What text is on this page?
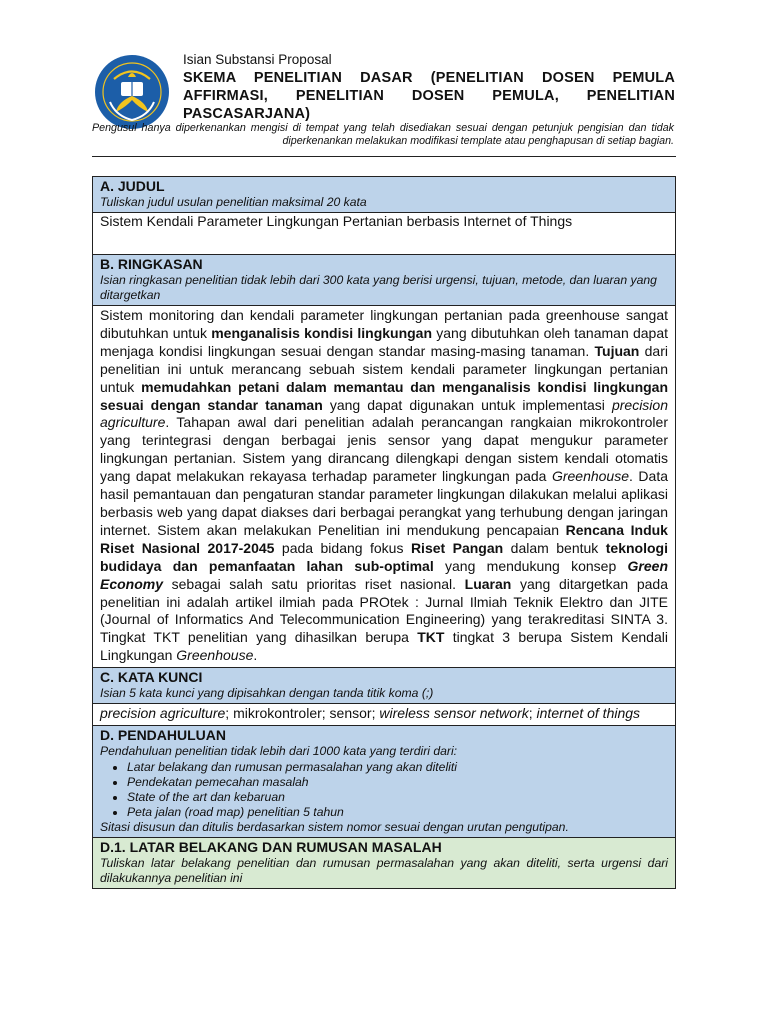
Isian Substansi Proposal
SKEMA PENELITIAN DASAR (PENELITIAN DOSEN PEMULA AFFIRMASI, PENELITIAN DOSEN PEMULA, PENELITIAN PASCASARJANA)
Pengusul hanya diperkenankan mengisi di tempat yang telah disediakan sesuai dengan petunjuk pengisian dan tidak diperkenankan melakukan modifikasi template atau penghapusan di setiap bagian.
A. JUDUL
Tuliskan judul usulan penelitian maksimal 20 kata
Sistem Kendali Parameter Lingkungan Pertanian berbasis Internet of Things
B. RINGKASAN
Isian ringkasan penelitian tidak lebih dari 300 kata yang berisi urgensi, tujuan, metode, dan luaran yang ditargetkan
Sistem monitoring dan kendali parameter lingkungan pertanian pada greenhouse sangat dibutuhkan untuk menganalisis kondisi lingkungan yang dibutuhkan oleh tanaman dapat menjaga kondisi lingkungan sesuai dengan standar masing-masing tanaman. Tujuan dari penelitian ini untuk merancang sebuah sistem kendali parameter lingkungan pertanian untuk memudahkan petani dalam memantau dan menganalisis kondisi lingkungan sesuai dengan standar tanaman yang dapat digunakan untuk implementasi precision agriculture. Tahapan awal dari penelitian adalah perancangan rangkaian mikrokontroler yang terintegrasi dengan berbagai jenis sensor yang dapat mengukur parameter lingkungan pertanian. Sistem yang dirancang dilengkapi dengan sistem kendali otomatis yang dapat melakukan rekayasa terhadap parameter lingkungan pada Greenhouse. Data hasil pemantauan dan pengaturan standar parameter lingkungan dilakukan melalui aplikasi berbasis web yang dapat diakses dari berbagai perangkat yang terhubung dengan jaringan internet. Sistem akan melakukan Penelitian ini mendukung pencapaian Rencana Induk Riset Nasional 2017-2045 pada bidang fokus Riset Pangan dalam bentuk teknologi budidaya dan pemanfaatan lahan sub-optimal yang mendukung konsep Green Economy sebagai salah satu prioritas riset nasional. Luaran yang ditargetkan pada penelitian ini adalah artikel ilmiah pada PROtek : Jurnal Ilmiah Teknik Elektro dan JITE (Journal of Informatics And Telecommunication Engineering) yang terakreditasi SINTA 3. Tingkat TKT penelitian yang dihasilkan berupa TKT tingkat 3 berupa Sistem Kendali Lingkungan Greenhouse.
C. KATA KUNCI
Isian 5 kata kunci yang dipisahkan dengan tanda titik koma (;)
precision agriculture; mikrokontroler; sensor; wireless sensor network; internet of things
D. PENDAHULUAN
Pendahuluan penelitian tidak lebih dari 1000 kata yang terdiri dari:
• Latar belakang dan rumusan permasalahan yang akan diteliti
• Pendekatan pemecahan masalah
• State of the art dan kebaruan
• Peta jalan (road map) penelitian 5 tahun
Sitasi disusun dan ditulis berdasarkan sistem nomor sesuai dengan urutan pengutipan.
D.1. LATAR BELAKANG DAN RUMUSAN MASALAH
Tuliskan latar belakang penelitian dan rumusan permasalahan yang akan diteliti, serta urgensi dari dilakukannya penelitian ini
